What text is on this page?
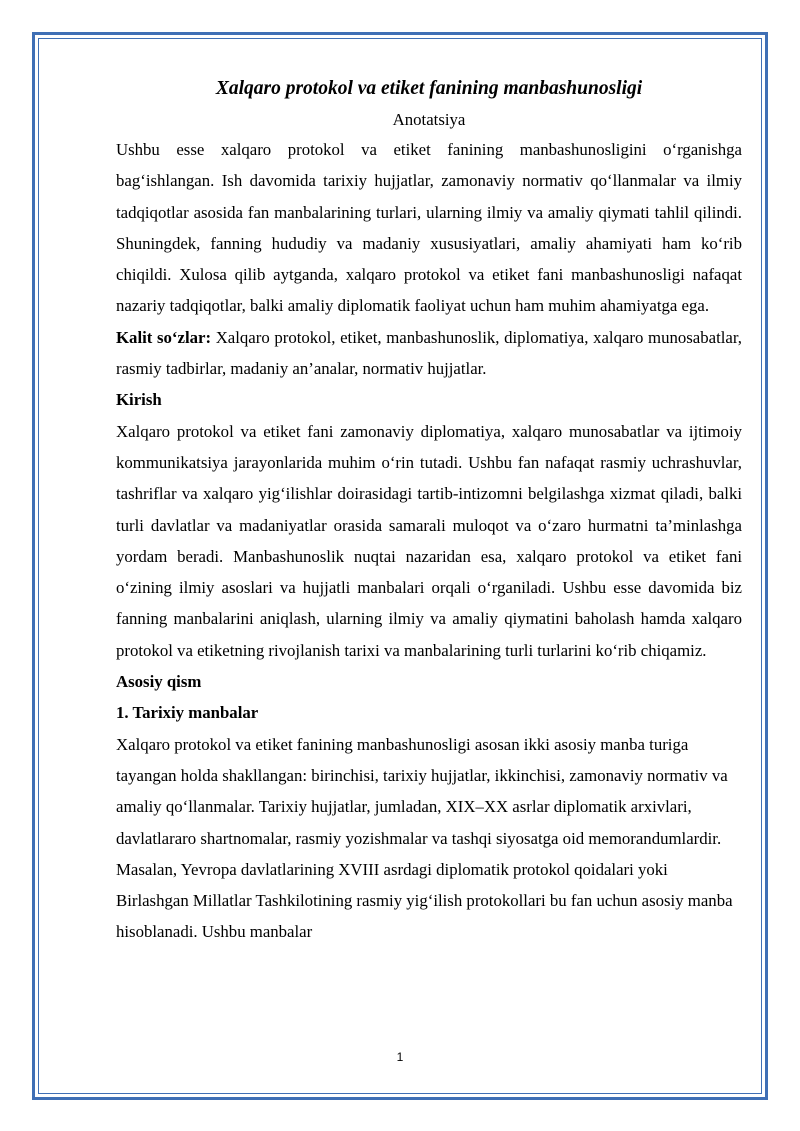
Xalqaro protokol va etiket fanining manbashunosligi
Anotatsiya

Ushbu esse xalqaro protokol va etiket fanining manbashunosligini o‘rganishga bag‘ishlangan. Ish davomida tarixiy hujjatlar, zamonaviy normativ qo‘llanmalar va ilmiy tadqiqotlar asosida fan manbalarining turlari, ularning ilmiy va amaliy qiymati tahlil qilindi. Shuningdek, fanning hududiy va madaniy xususiyatlari, amaliy ahamiyati ham ko‘rib chiqildi. Xulosa qilib aytganda, xalqaro protokol va etiket fani manbashunosligi nafaqat nazariy tadqiqotlar, balki amaliy diplomatik faoliyat uchun ham muhim ahamiyatga ega.

Kalit so‘zlar: Xalqaro protokol, etiket, manbashunoslik, diplomatiya, xalqaro munosabatlar, rasmiy tadbirlar, madaniy an’analar, normativ hujjatlar.

Kirish

Xalqaro protokol va etiket fani zamonaviy diplomatiya, xalqaro munosabatlar va ijtimoiy kommunikatsiya jarayonlarida muhim o‘rin tutadi. Ushbu fan nafaqat rasmiy uchrashuvlar, tashriflar va xalqaro yig‘ilishlar doirasidagi tartib-intizomni belgilashga xizmat qiladi, balki turli davlatlar va madaniyatlar orasida samarali muloqot va o‘zaro hurmatni ta’minlashga yordam beradi. Manbashunoslik nuqtai nazaridan esa, xalqaro protokol va etiket fani o‘zining ilmiy asoslari va hujjatli manbalari orqali o‘rganiladi. Ushbu esse davomida biz fanning manbalarini aniqlash, ularning ilmiy va amaliy qiymatini baholash hamda xalqaro protokol va etiketning rivojlanish tarixi va manbalarining turli turlarini ko‘rib chiqamiz.

Asosiy qism
1. Tarixiy manbalar

Xalqaro protokol va etiket fanining manbashunosligi asosan ikki asosiy manba turiga tayangan holda shakllangan: birinchisi, tarixiy hujjatlar, ikkinchisi, zamonaviy normativ va amaliy qo‘llanmalar. Tarixiy hujjatlar, jumladan, XIX–XX asrlar diplomatik arxivlari, davlatlararo shartnomalar, rasmiy yozishmalar va tashqi siyosatga oid memorandumlardir. Masalan, Yevropa davlatlarining XVIII asrdagi diplomatik protokol qoidalari yoki Birlashgan Millatlar Tashkilotining rasmiy yig‘ilish protokollari bu fan uchun asosiy manba hisoblanadi. Ushbu manbalar

1
